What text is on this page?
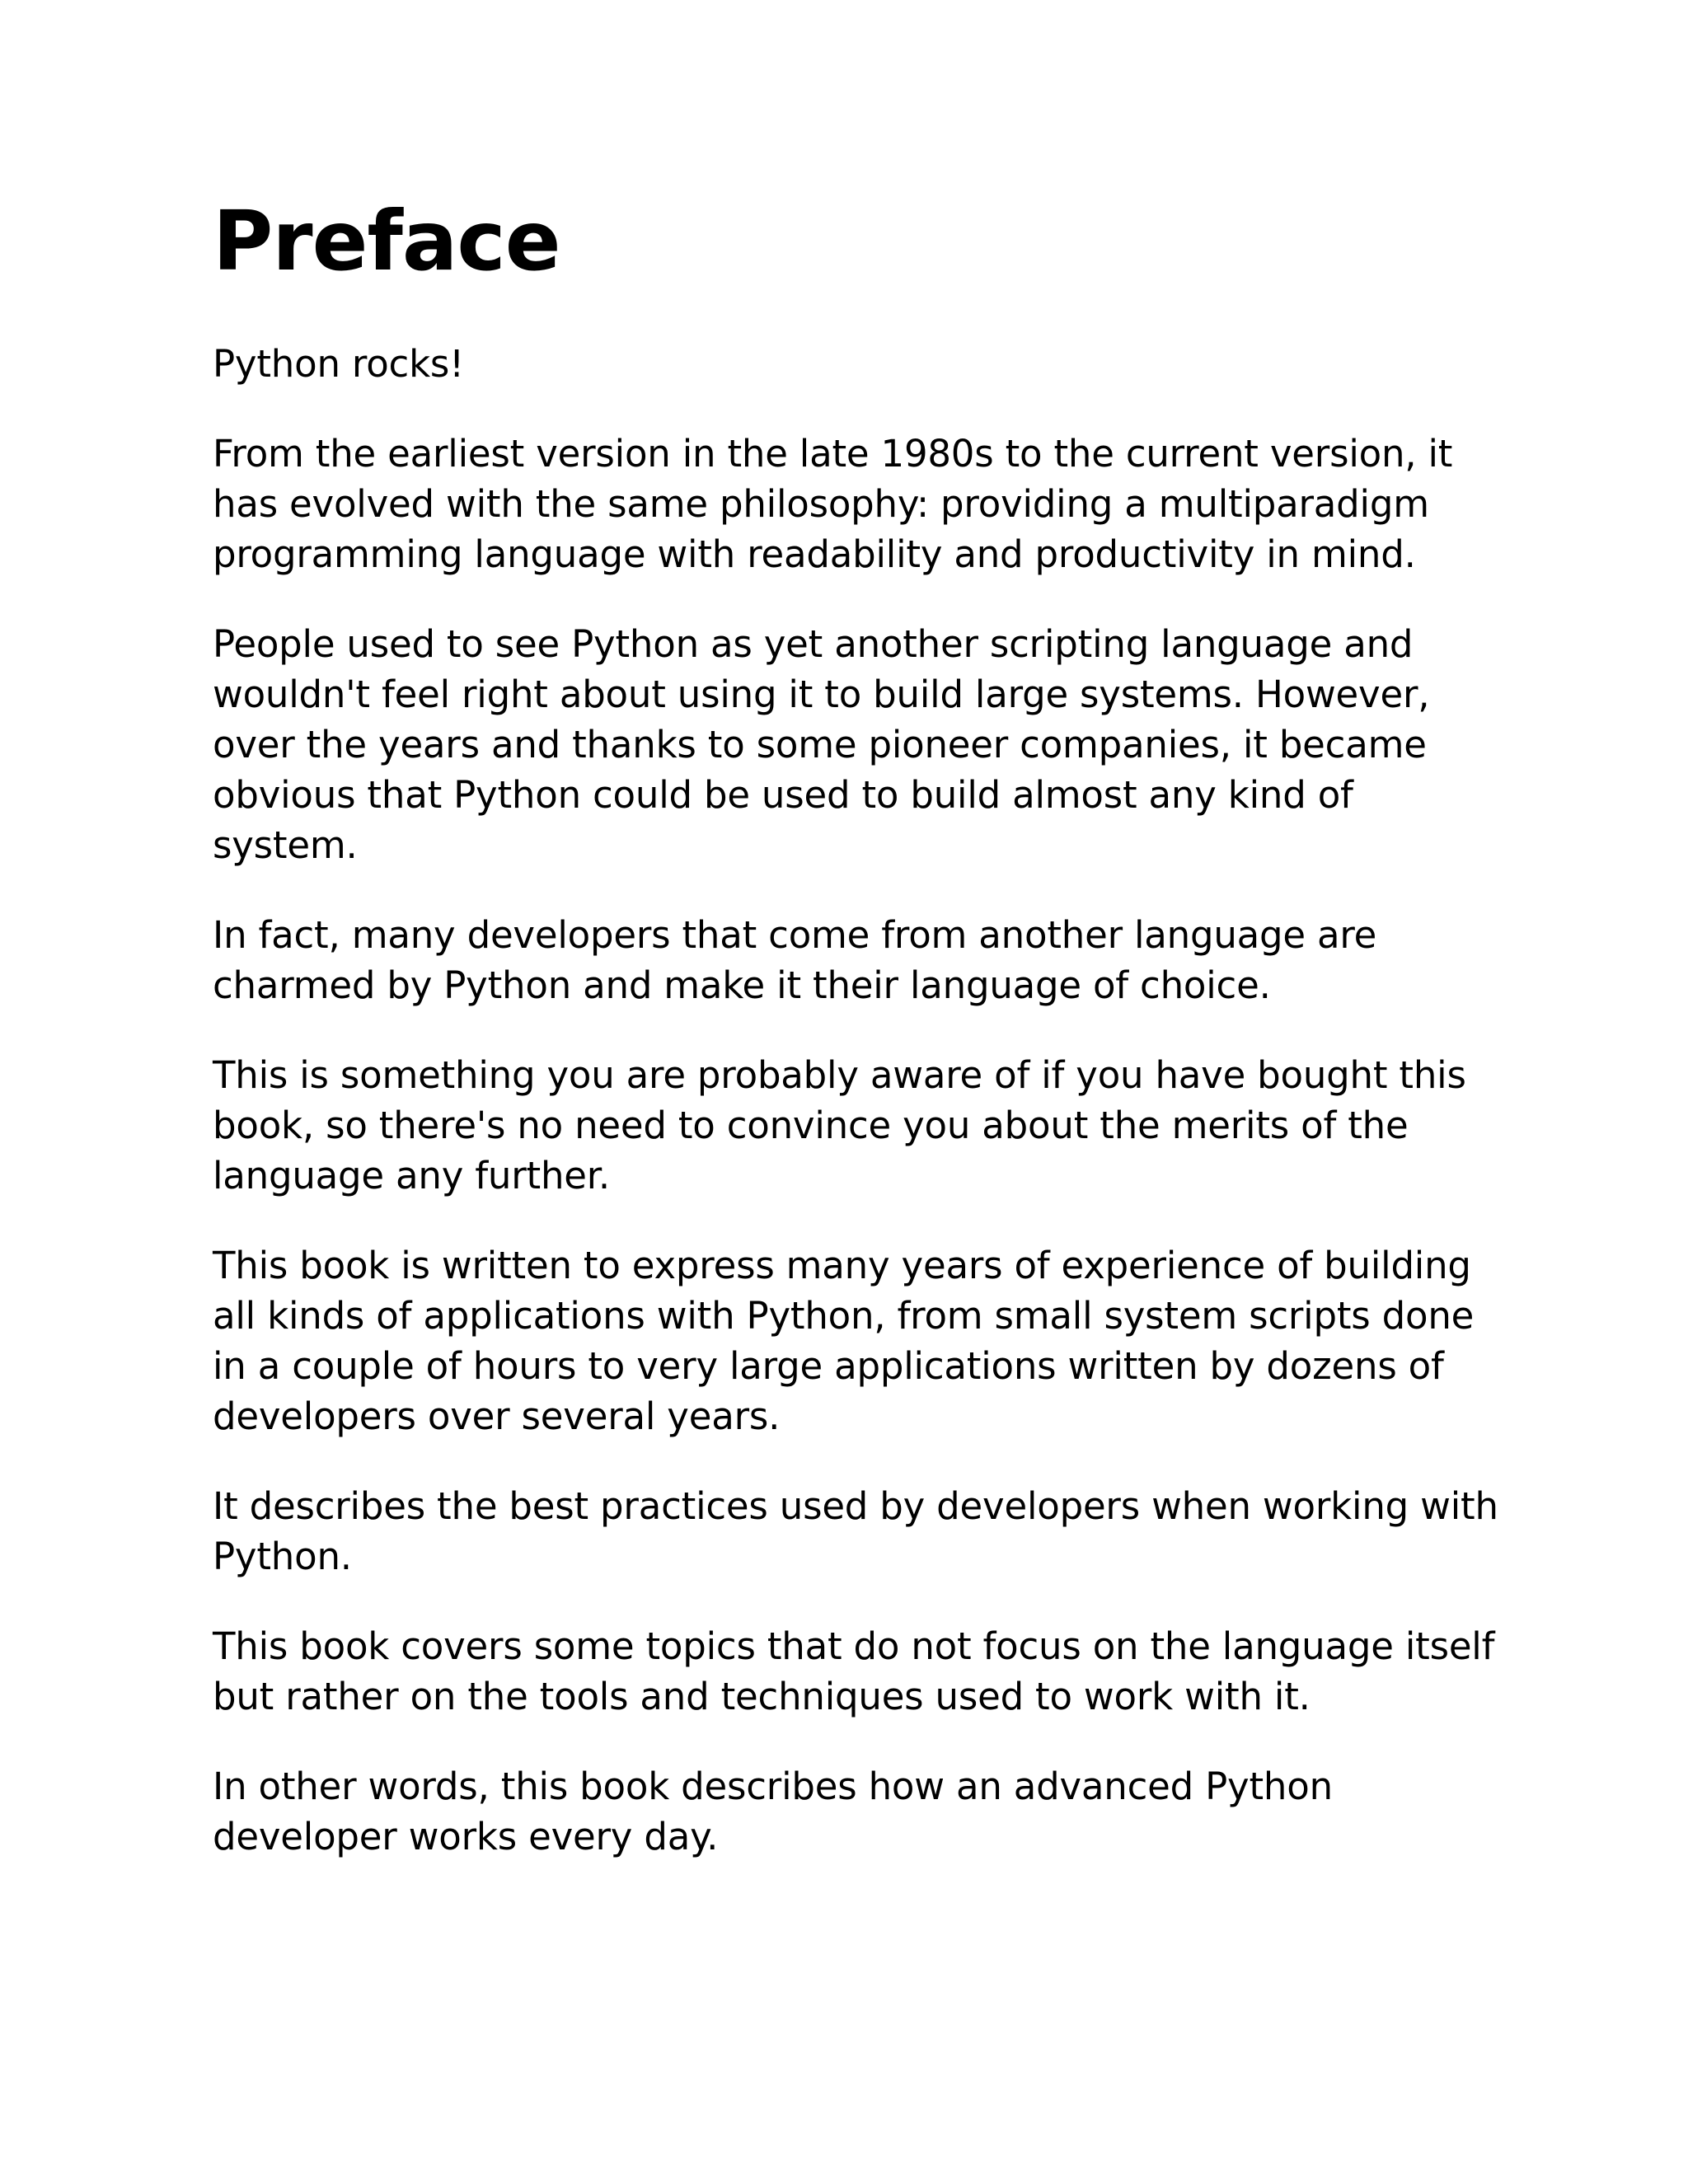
Preface

Python rocks!

From the earliest version in the late 1980s to the current version, it has evolved with the same philosophy: providing a multiparadigm programming language with readability and productivity in mind.

People used to see Python as yet another scripting language and wouldn't feel right about using it to build large systems. However, over the years and thanks to some pioneer companies, it became obvious that Python could be used to build almost any kind of system.

In fact, many developers that come from another language are charmed by Python and make it their language of choice.

This is something you are probably aware of if you have bought this book, so there's no need to convince you about the merits of the language any further.

This book is written to express many years of experience of building all kinds of applications with Python, from small system scripts done in a couple of hours to very large applications written by dozens of developers over several years.

It describes the best practices used by developers when working with Python.

This book covers some topics that do not focus on the language itself but rather on the tools and techniques used to work with it.

In other words, this book describes how an advanced Python developer works every day.
